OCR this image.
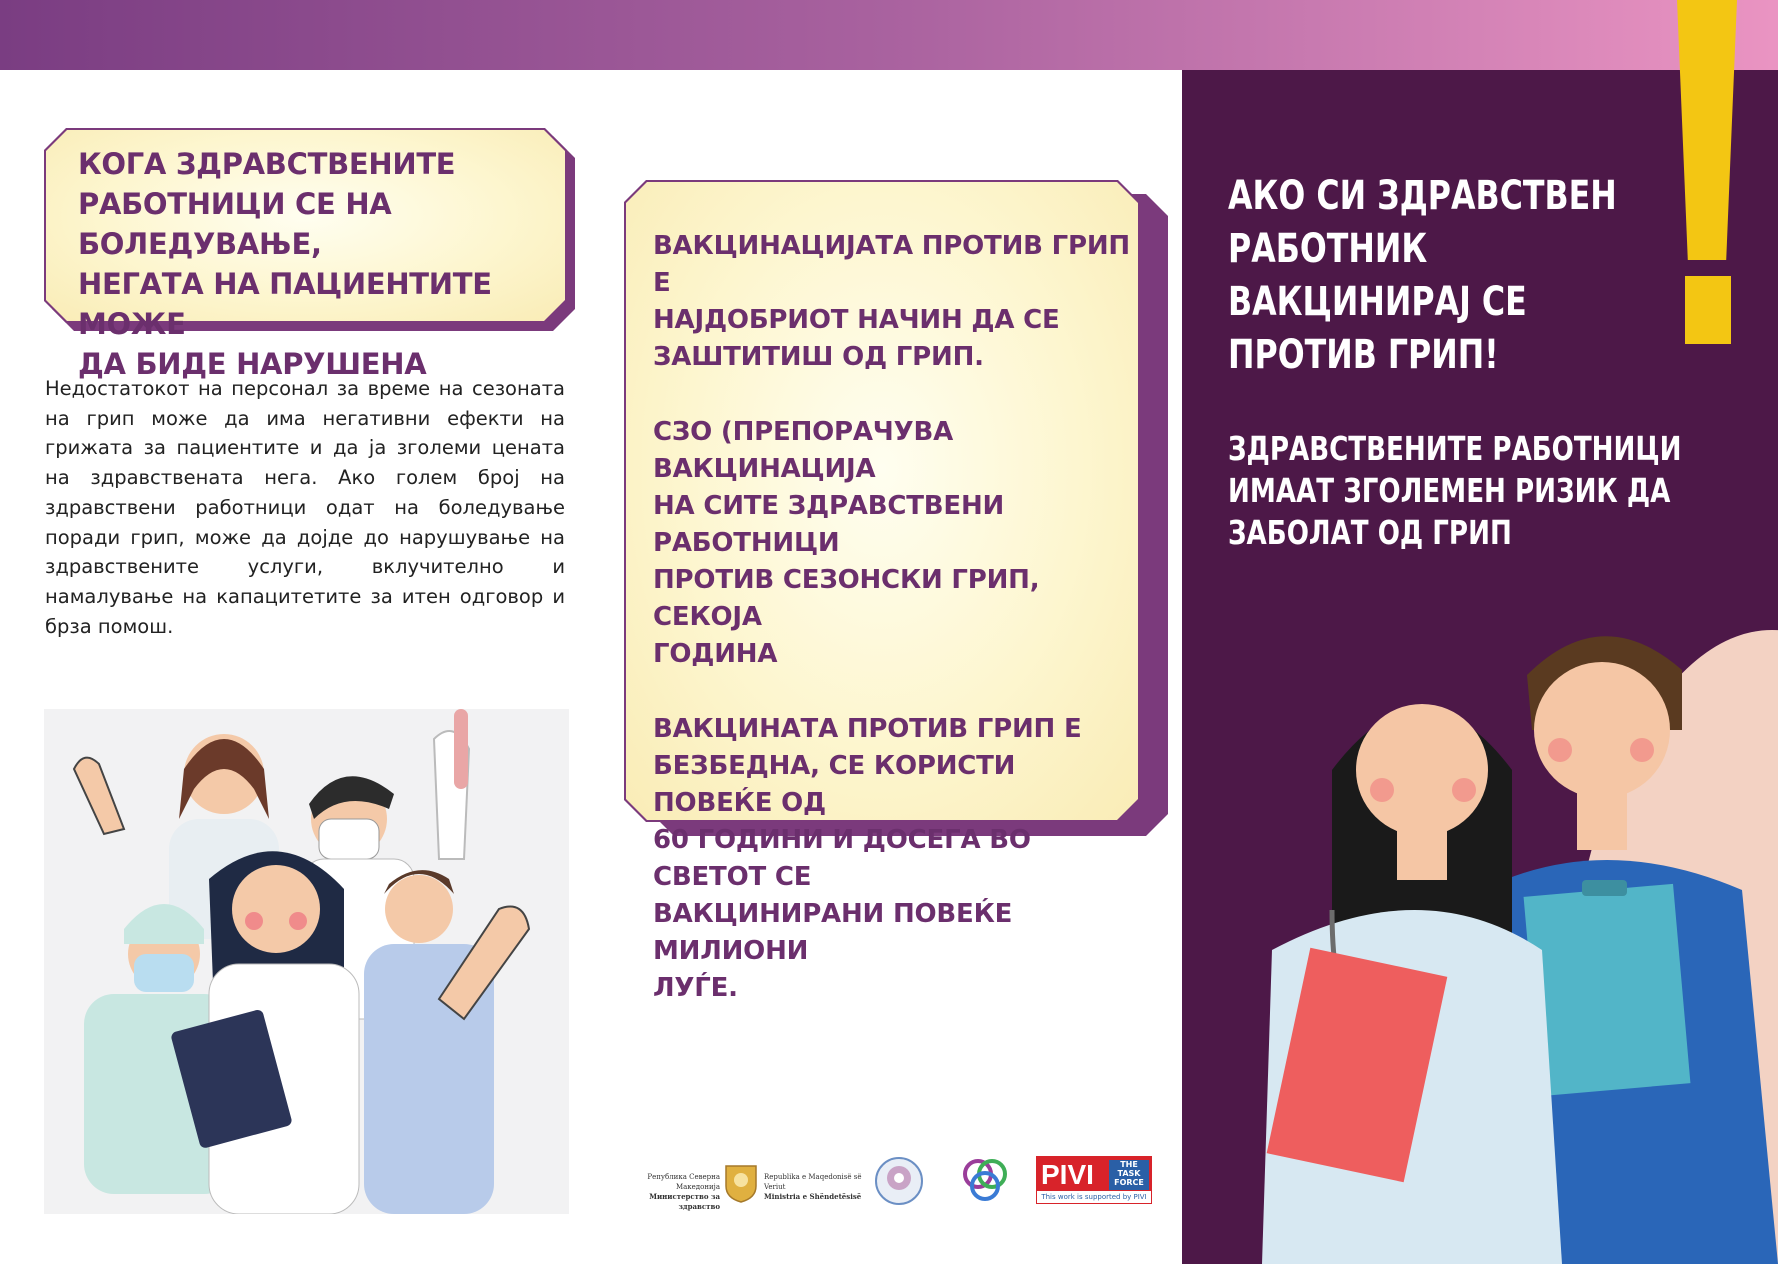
КОГА ЗДРАВСТВЕНИТЕ

РАБОТНИЦИ СЕ НА БОЛЕДУВАЊЕ,

НЕГАТА НА ПАЦИЕНТИТЕ МОЖЕ

ДА БИДЕ НАРУШЕНА

Недостатокот на персонал за време на сезоната на грип може да има негативни ефекти на грижата за пациентите и да ја зголеми цената на здравствената нега. Ако голем број на здравствени работници одат на боледување поради грип, може да дојде до нарушување на здравствените услуги, вклучително и намалување на капацитетите за итен одговор и брза помош.

ВАКЦИНАЦИЈАТА ПРОТИВ ГРИП Е
НАЈДОБРИОТ НАЧИН ДА СЕ
ЗАШТИТИШ ОД ГРИП.

СЗО (ПРЕПОРАЧУВА ВАКЦИНАЦИЈА
НА СИТЕ ЗДРАВСТВЕНИ РАБОТНИЦИ
ПРОТИВ СЕЗОНСКИ ГРИП, СЕКОЈА
ГОДИНА

ВАКЦИНАТА ПРОТИВ ГРИП Е
БЕЗБЕДНА, СЕ КОРИСТИ ПОВЕЌЕ ОД
60 ГОДИНИ И ДОСЕГА ВО СВЕТОТ СЕ
ВАКЦИНИРАНИ ПОВЕЌЕ МИЛИОНИ
ЛУЃЕ.

АКО СИ ЗДРАВСТВЕН

РАБОТНИК ВАКЦИНИРАЈ СЕ

ПРОТИВ ГРИП!

ЗДРАВСТВЕНИТЕ РАБОТНИЦИ

ИМААТ ЗГОЛЕМЕН РИЗИК ДА

ЗАБОЛАТ ОД ГРИП

Република Северна Македонија
Министерство за здравство
Republika e Maqedonisë së Veriut
Ministria e Shëndetësisë
PIVI	THE
TASK
FORCE
This work is supported by PIVI
